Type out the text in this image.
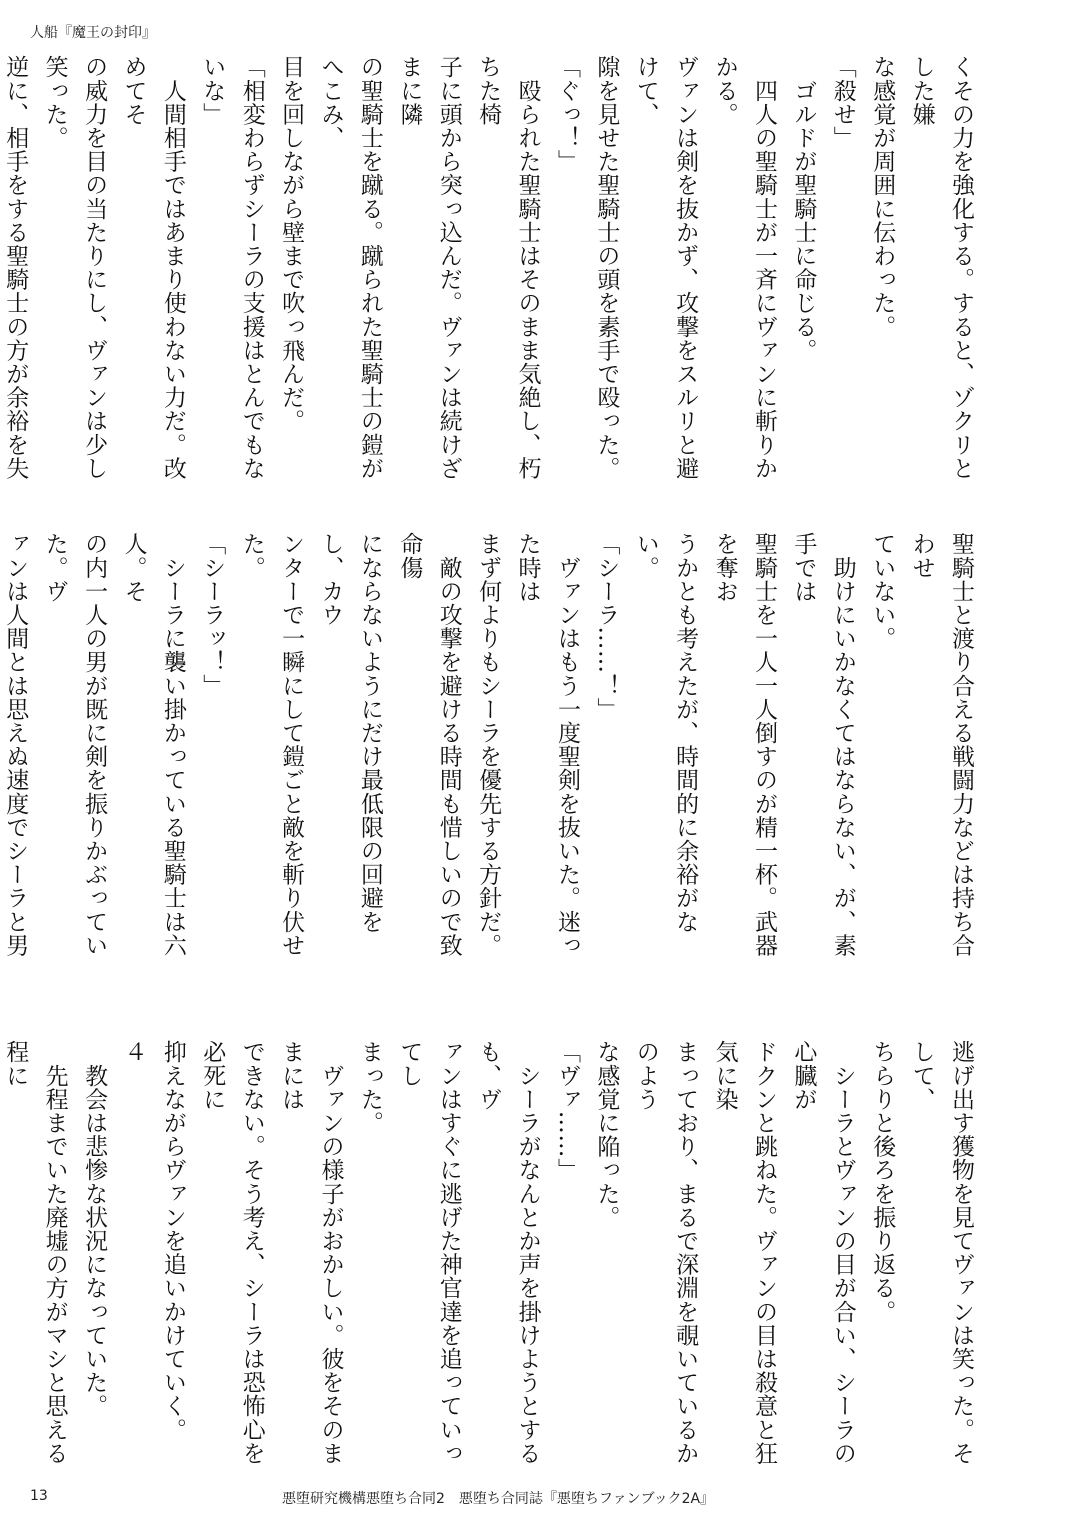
人船『魔王の封印』

くその力を強化する。すると、ゾクリとした嫌

な感覚が周囲に伝わった。

「殺せ」

　ゴルドが聖騎士に命じる。

　四人の聖騎士が一斉にヴァンに斬りかかる。

ヴァンは剣を抜かず、攻撃をスルリと避けて、

隙を見せた聖騎士の頭を素手で殴った。

「ぐっ！」

　殴られた聖騎士はそのまま気絶し、朽ちた椅

子に頭から突っ込んだ。ヴァンは続けざまに隣

の聖騎士を蹴る。蹴られた聖騎士の鎧がへこみ、

目を回しながら壁まで吹っ飛んだ。

「相変わらずシーラの支援はとんでもないな」

　人間相手ではあまり使わない力だ。改めてそ

の威力を目の当たりにし、ヴァンは少し笑った。

逆に、相手をする聖騎士の方が余裕を失

聖騎士と渡り合える戦闘力などは持ち合わせ

ていない。

　助けにいかなくてはならない、が、素手では

聖騎士を一人一人倒すのが精一杯。武器を奪お

うかとも考えたが、時間的に余裕がない。

「シーラ……！」

　ヴァンはもう一度聖剣を抜いた。迷った時は

まず何よりもシーラを優先する方針だ。

　敵の攻撃を避ける時間も惜しいので致命傷

にならないようにだけ最低限の回避をし、カウ

ンターで一瞬にして鎧ごと敵を斬り伏せた。

「シーラッ！」

　シーラに襲い掛かっている聖騎士は六人。そ

の内一人の男が既に剣を振りかぶっていた。ヴ

ァンは人間とは思えぬ速度でシーラと男

逃げ出す獲物を見てヴァンは笑った。そして、

ちらりと後ろを振り返る。

　シーラとヴァンの目が合い、シーラの心臓が

ドクンと跳ねた。ヴァンの目は殺意と狂気に染

まっており、まるで深淵を覗いているかのよう

な感覚に陥った。

「ヴァ……」

　シーラがなんとか声を掛けようとするも、ヴ

ァンはすぐに逃げた神官達を追っていってし

まった。

　ヴァンの様子がおかしい。彼をそのままには

できない。そう考え、シーラは恐怖心を必死に

抑えながらヴァンを追いかけていく。

４

　教会は悲惨な状況になっていた。

　先程までいた廃墟の方がマシと思える程に

13	悪堕研究機構悪堕ち合同2　悪堕ち合同誌『悪堕ちファンブック2A』
